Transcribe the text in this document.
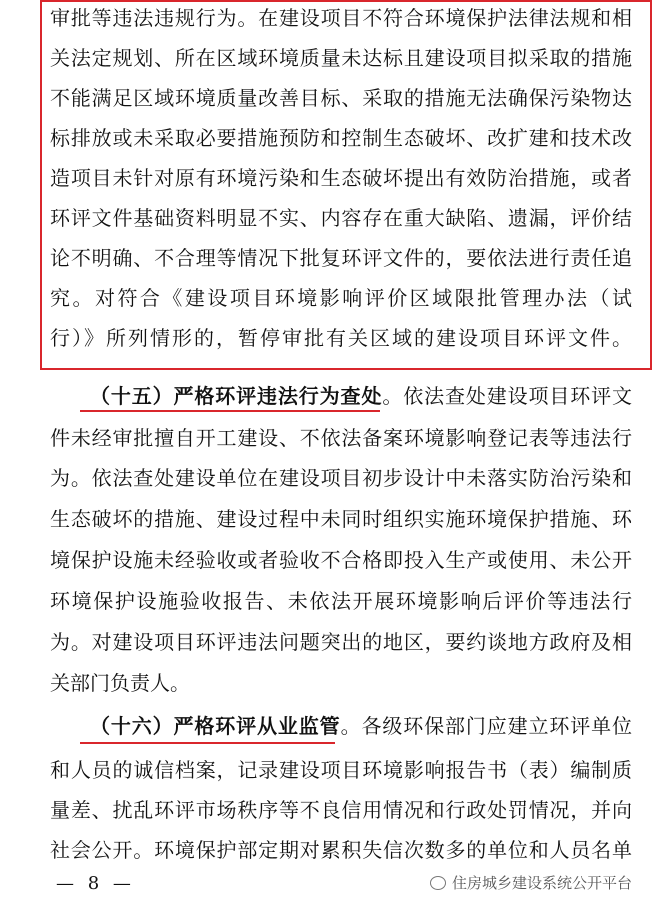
审批等违法违规行为。在建设项目不符合环境保护法律法规和相
关法定规划、所在区域环境质量未达标且建设项目拟采取的措施
不能满足区域环境质量改善目标、采取的措施无法确保污染物达
标排放或未采取必要措施预防和控制生态破坏、改扩建和技术改
造项目未针对原有环境污染和生态破坏提出有效防治措施，或者
环评文件基础资料明显不实、内容存在重大缺陷、遗漏，评价结
论不明确、不合理等情况下批复环评文件的，要依法进行责任追
究。对符合《建设项目环境影响评价区域限批管理办法（试
行）》所列情形的，暂停审批有关区域的建设项目环评文件。
（十五）严格环评违法行为查处。依法查处建设项目环评文
件未经审批擅自开工建设、不依法备案环境影响登记表等违法行
为。依法查处建设单位在建设项目初步设计中未落实防治污染和
生态破坏的措施、建设过程中未同时组织实施环境保护措施、环
境保护设施未经验收或者验收不合格即投入生产或使用、未公开
环境保护设施验收报告、未依法开展环境影响后评价等违法行
为。对建设项目环评违法问题突出的地区，要约谈地方政府及相
关部门负责人。
（十六）严格环评从业监管。各级环保部门应建立环评单位
和人员的诚信档案，记录建设项目环境影响报告书（表）编制质
量差、扰乱环评市场秩序等不良信用情况和行政处罚情况，并向
社会公开。环境保护部定期对累积失信次数多的单位和人员名单
— 8 —	住房城乡建设系统公开平台
